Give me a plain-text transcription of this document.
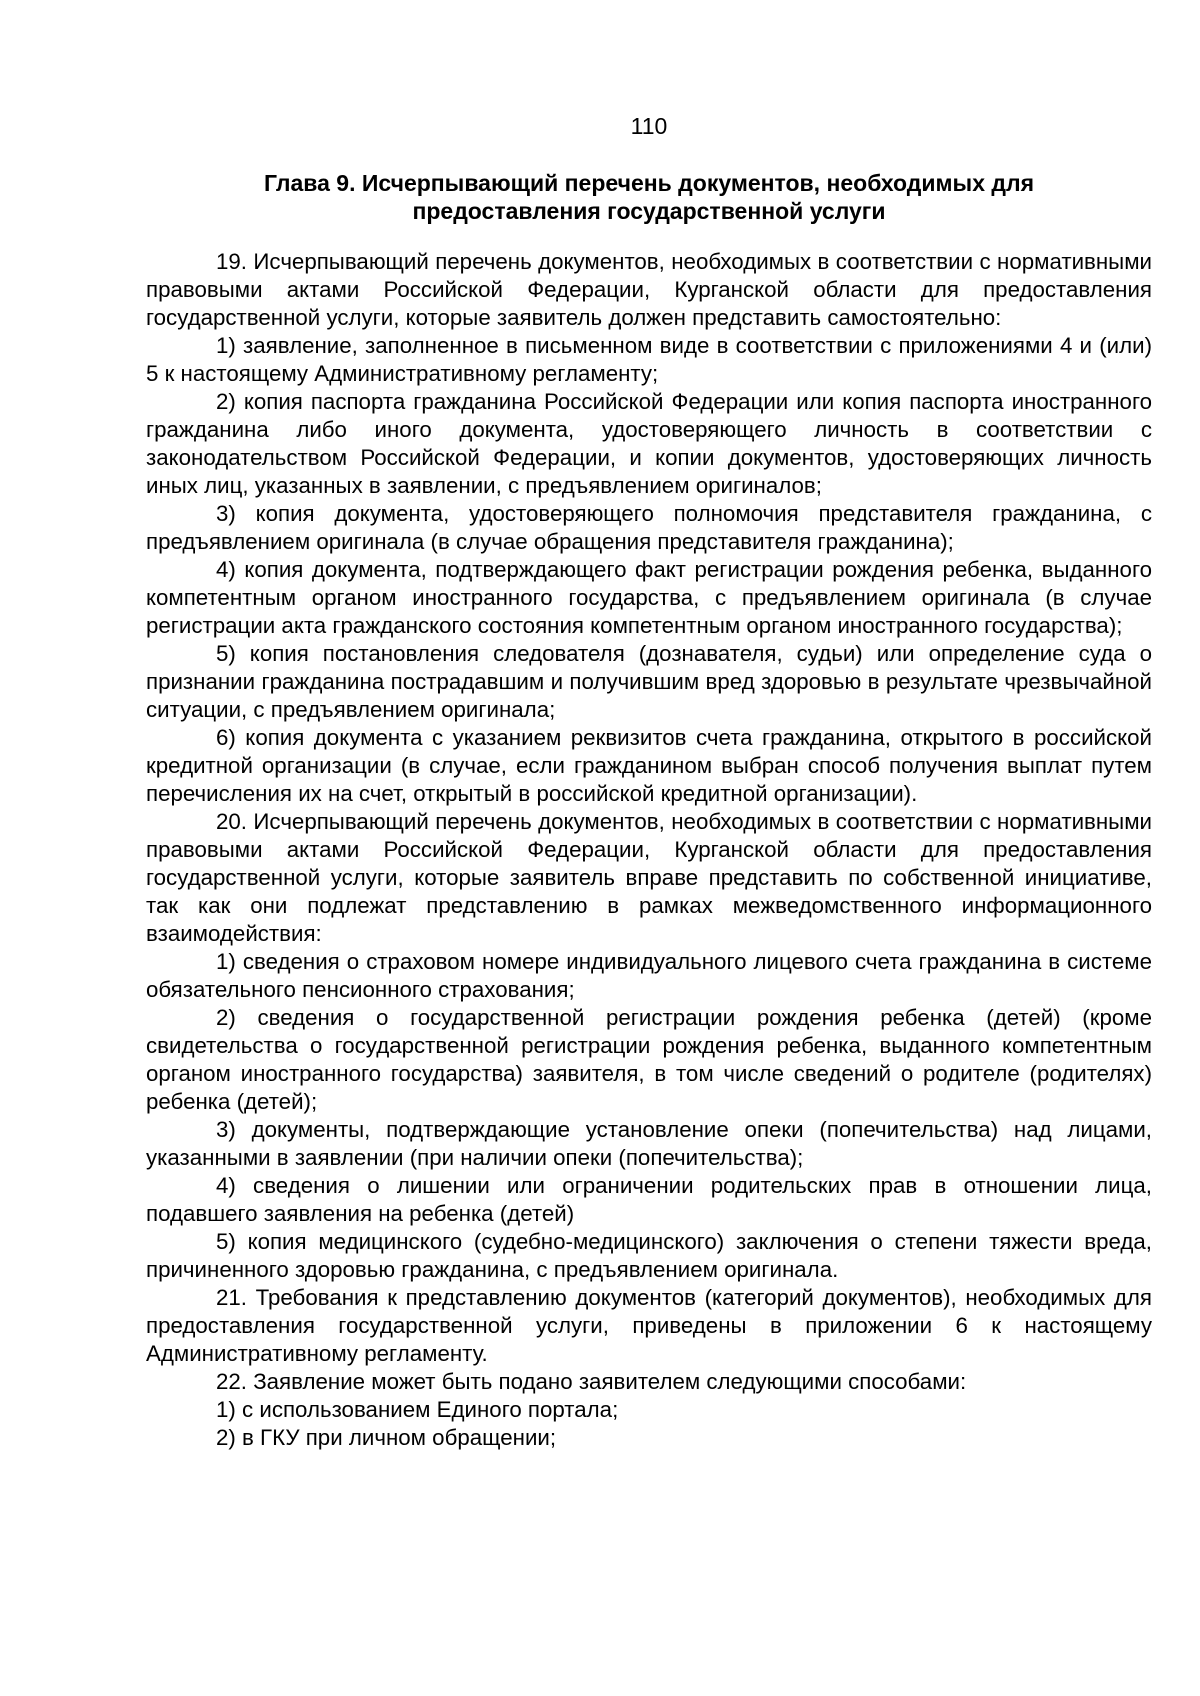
110
Глава 9. Исчерпывающий перечень документов, необходимых для
предоставления государственной услуги

19. Исчерпывающий перечень документов, необходимых в соответствии с нормативными правовыми актами Российской Федерации, Курганской области для предоставления государственной услуги, которые заявитель должен представить самостоятельно:

1) заявление, заполненное в письменном виде в соответствии с приложениями 4 и (или) 5 к настоящему Административному регламенту;

2) копия паспорта гражданина Российской Федерации или копия паспорта иностранного гражданина либо иного документа, удостоверяющего личность в соответствии с законодательством Российской Федерации, и копии документов, удостоверяющих личность иных лиц, указанных в заявлении, с предъявлением оригиналов;

3) копия документа, удостоверяющего полномочия представителя гражданина, с предъявлением оригинала (в случае обращения представителя гражданина);

4) копия документа, подтверждающего факт регистрации рождения ребенка, выданного компетентным органом иностранного государства, с предъявлением оригинала (в случае регистрации акта гражданского состояния компетентным органом иностранного государства);

5) копия постановления следователя (дознавателя, судьи) или определение суда о признании гражданина пострадавшим и получившим вред здоровью в результате чрезвычайной ситуации, с предъявлением оригинала;

6) копия документа с указанием реквизитов счета гражданина, открытого в российской кредитной организации (в случае, если гражданином выбран способ получения выплат путем перечисления их на счет, открытый в российской кредитной организации).

20. Исчерпывающий перечень документов, необходимых в соответствии с нормативными правовыми актами Российской Федерации, Курганской области для предоставления государственной услуги, которые заявитель вправе представить по собственной инициативе, так как они подлежат представлению в рамках межведомственного информационного взаимодействия:

1) сведения о страховом номере индивидуального лицевого счета гражданина в системе обязательного пенсионного страхования;

2) сведения о государственной регистрации рождения ребенка (детей) (кроме свидетельства о государственной регистрации рождения ребенка, выданного компетентным органом иностранного государства) заявителя, в том числе сведений о родителе (родителях) ребенка (детей);

3) документы, подтверждающие установление опеки (попечительства) над лицами, указанными в заявлении (при наличии опеки (попечительства);

4) сведения о лишении или ограничении родительских прав в отношении лица, подавшего заявления на ребенка (детей)

5) копия медицинского (судебно-медицинского) заключения о степени тяжести вреда, причиненного здоровью гражданина, с предъявлением оригинала.

21. Требования к представлению документов (категорий документов), необходимых для предоставления государственной услуги, приведены в приложении 6 к настоящему Административному регламенту.

22. Заявление может быть подано заявителем следующими способами:

1) с использованием Единого портала;

2) в ГКУ при личном обращении;
